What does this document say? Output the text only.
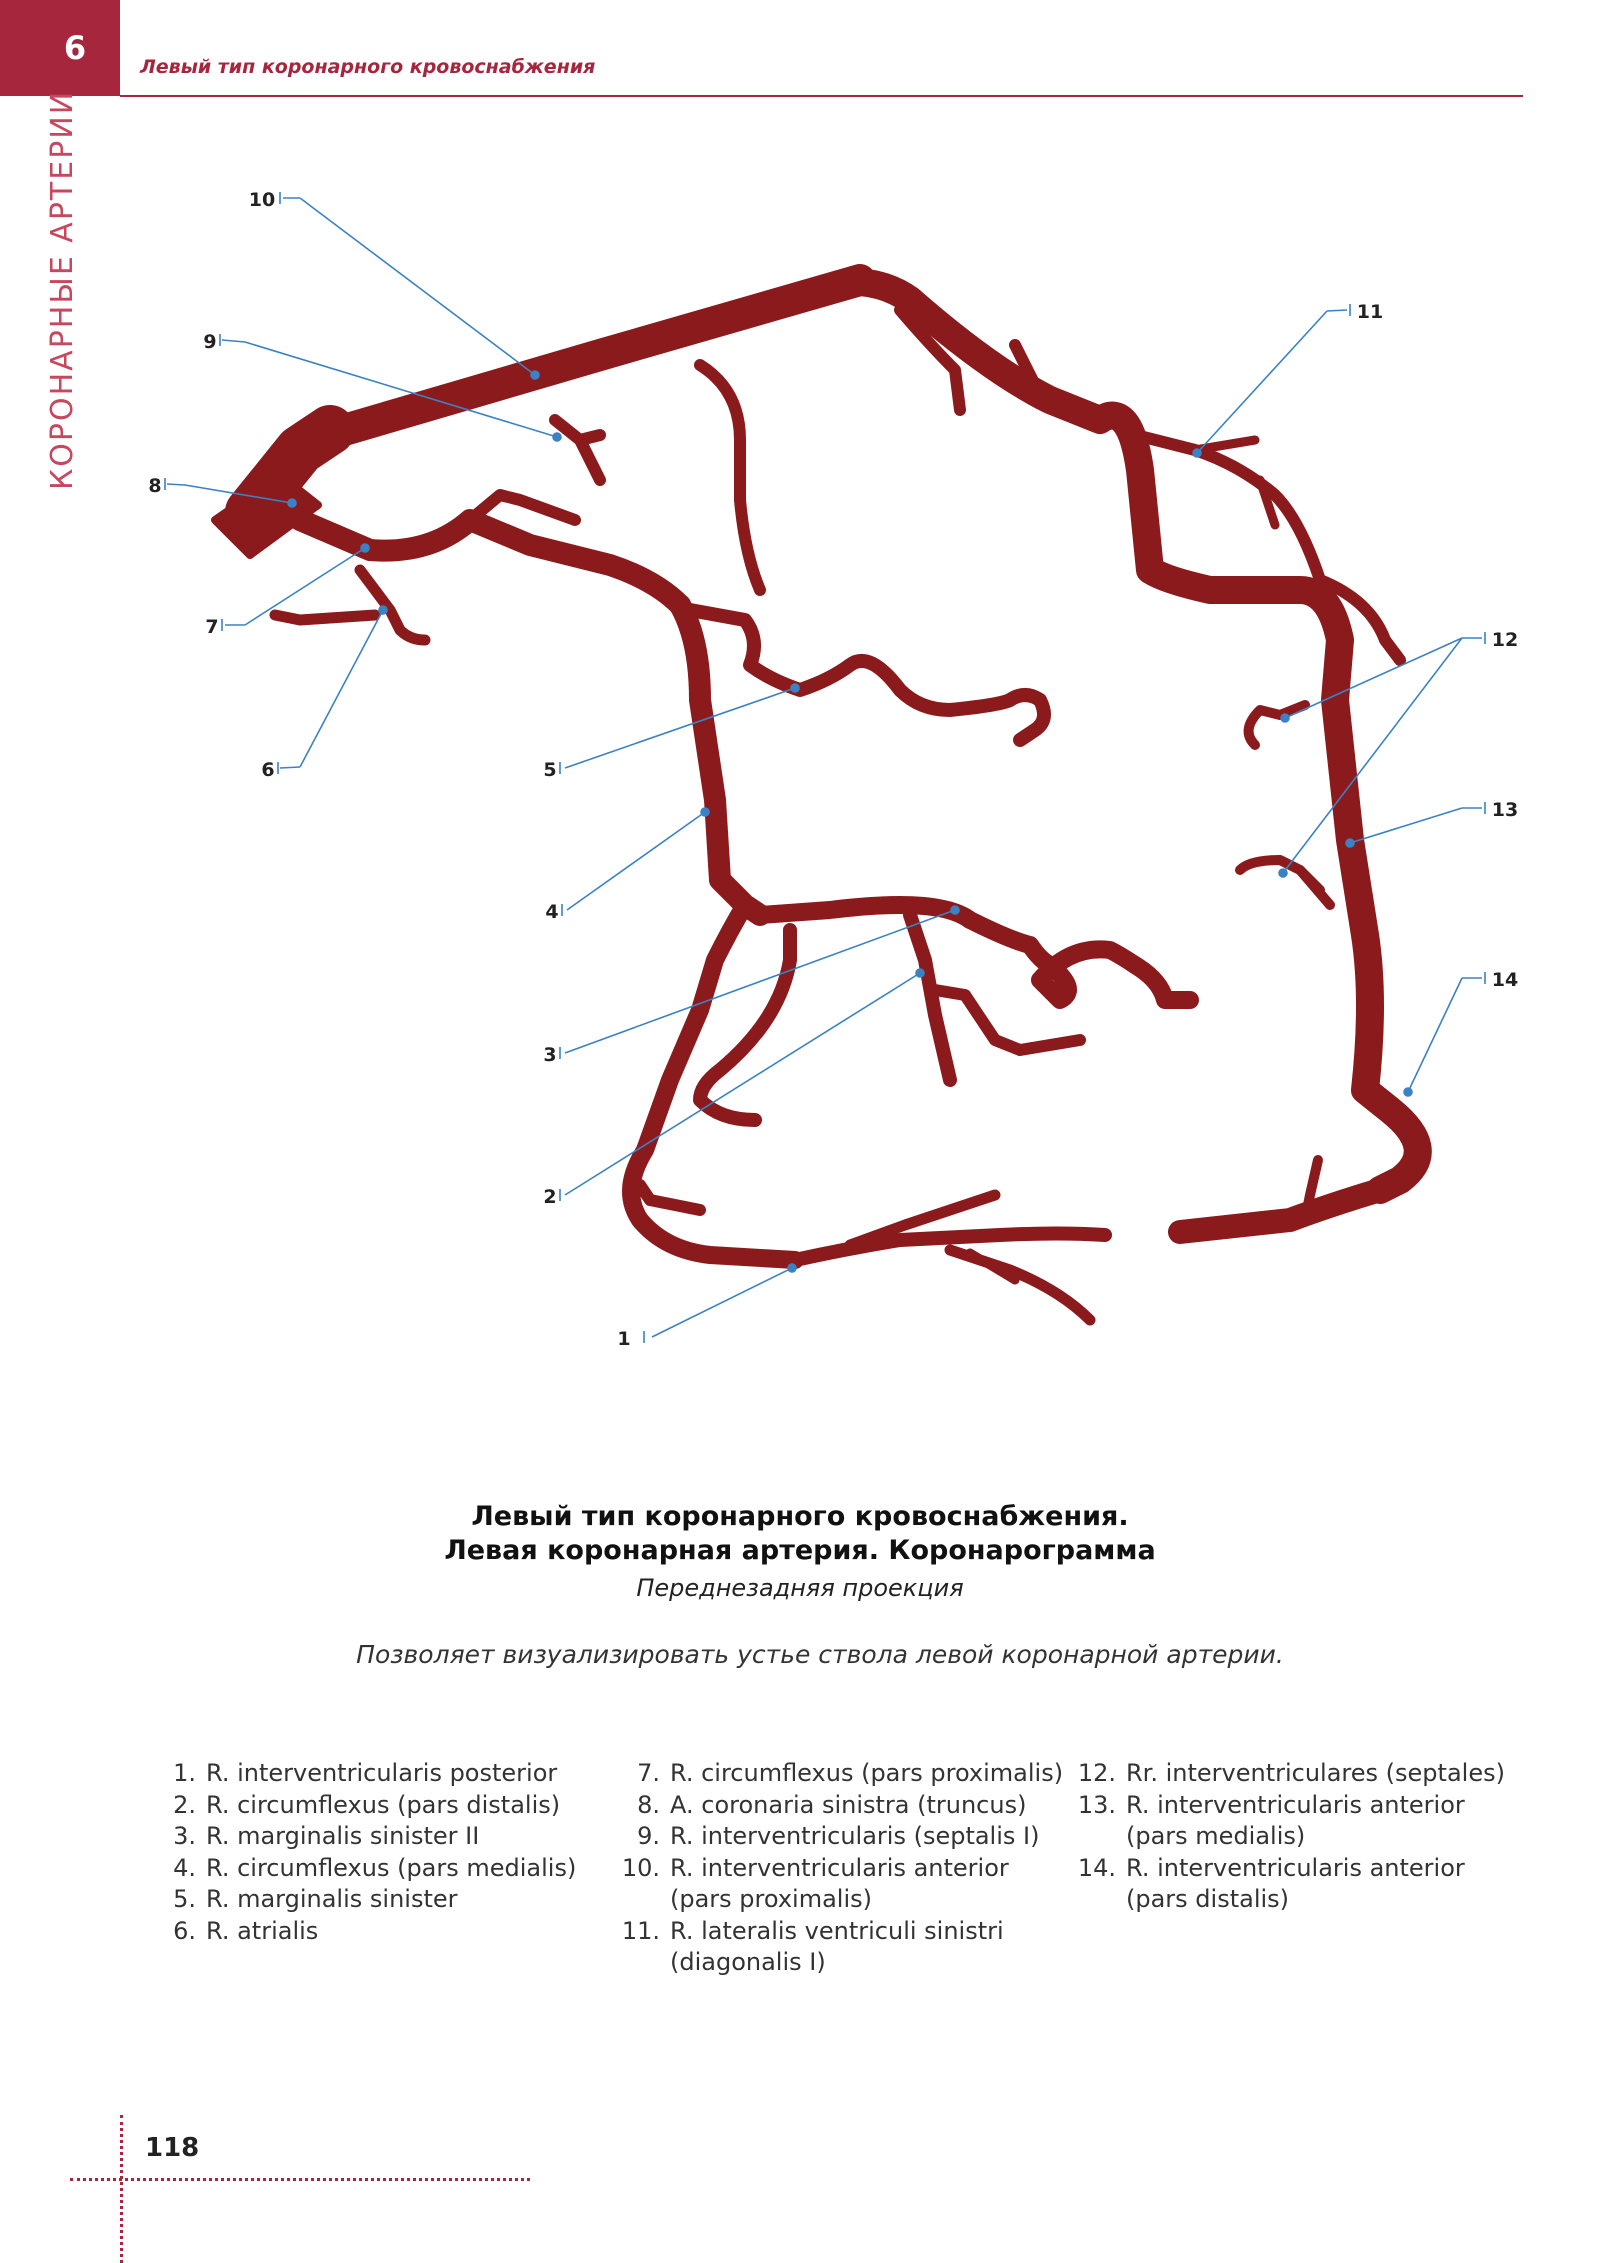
6	Левый тип коронарного кровоснабжения
КОРОНАРНЫЕ АРТЕРИИ
1
2
3
4
5
6
7
8
9
10
11
12
13
14
Левый тип коронарного кровоснабжения.
Левая коронарная артерия. Коронарограмма
Переднезадняя проекция
Позволяет визуализировать устье ствола левой коронарной артерии.
1. R. interventricularis posterior
2. R. circumflexus (pars distalis)
3. R. marginalis sinister II
4. R. circumflexus (pars medialis)
5. R. marginalis sinister
6. R. atrialis
7. R. circumflexus (pars proximalis)
8. A. coronaria sinistra (truncus)
9. R. interventricularis (septalis I)
10. R. interventricularis anterior
(pars proximalis)
11. R. lateralis ventriculi sinistri
(diagonalis I)
12. Rr. interventriculares (septales)
13. R. interventricularis anterior
(pars medialis)
14. R. interventricularis anterior
(pars distalis)
118
